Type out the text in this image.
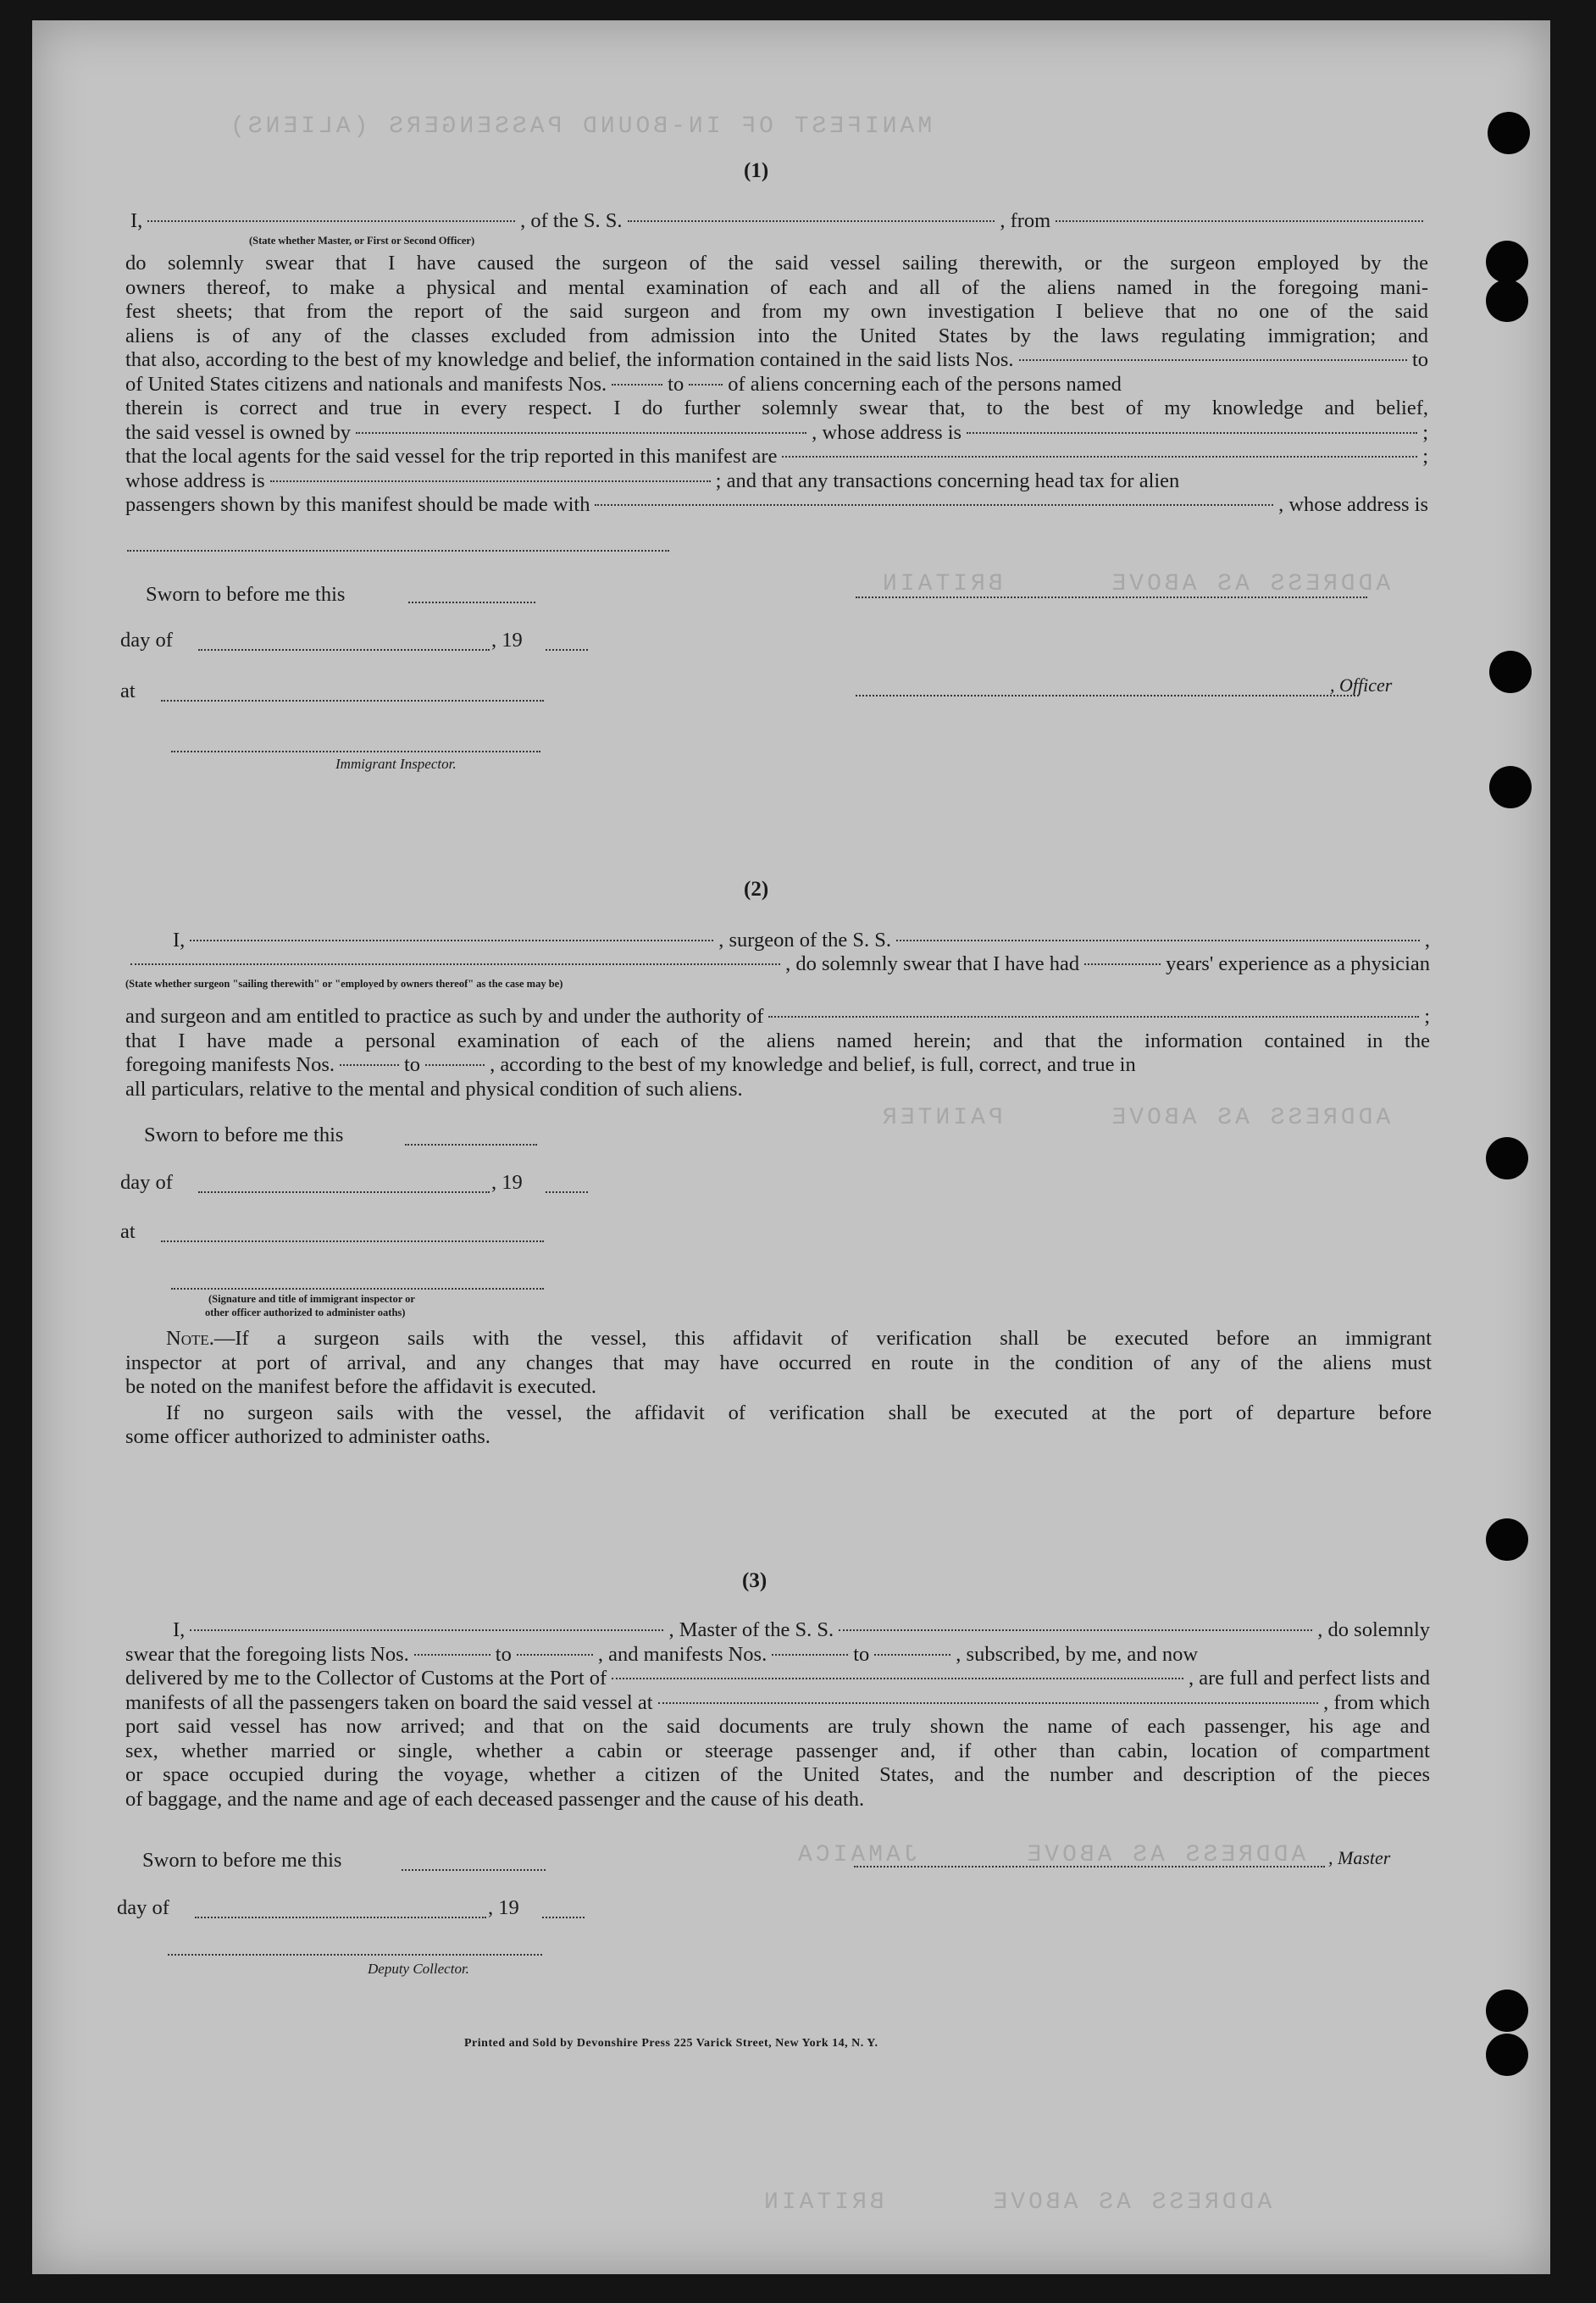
MANIFEST OF IN-BOUND PASSENGERS (ALIENS)
ADDRESS AS ABOVE      BRITAIN
ADDRESS AS ABOVE      PAINTER
ADDRESS AS ABOVE      JAMAICA
ADDRESS AS ABOVE      BRITAIN
(1)
I,	, of the S. S.	, from
(State whether Master, or First or Second Officer)
do solemnly swear that I have caused the surgeon of the said vessel sailing therewith, or the surgeon employed by the
owners thereof, to make a physical and mental examination of each and all of the aliens named in the foregoing mani-
fest sheets; that from the report of the said surgeon and from my own investigation I believe that no one of the said
aliens is of any of the classes excluded from admission into the United States by the laws regulating immigration; and
that also, according to the best of my knowledge and belief, the information contained in the said lists Nos.	to
of United States citizens and nationals and manifests Nos.	to of aliens concerning each of the persons named
therein is correct and true in every respect. I do further solemnly swear that, to the best of my knowledge and belief,
the said vessel is owned by	, whose address is	;
that the local agents for the said vessel for the trip reported in this manifest are	;
whose address is	; and that any transactions concerning head tax for alien
passengers shown by this manifest should be made with	, whose address is
Sworn to before me this
day of	, 19
at	, Officer
Immigrant Inspector.
(2)
I,	, surgeon of the S. S.	,
, do solemnly swear that I have had	years' experience as a physician
(State whether surgeon "sailing therewith" or "employed by owners thereof" as the case may be)
and surgeon and am entitled to practice as such by and under the authority of	;
that I have made a personal examination of each of the aliens named herein; and that the information contained in the
foregoing manifests Nos.	to	, according to the best of my knowledge and belief, is full, correct, and true in
all particulars, relative to the mental and physical condition of such aliens.
Sworn to before me this
day of	, 19
at
(Signature and title of immigrant inspector or
other officer authorized to administer oaths)
Note.—If a surgeon sails with the vessel, this affidavit of verification shall be executed before an immigrant
inspector at port of arrival, and any changes that may have occurred en route in the condition of any of the aliens must
be noted on the manifest before the affidavit is executed.
If no surgeon sails with the vessel, the affidavit of verification shall be executed at the port of departure before
some officer authorized to administer oaths.
(3)
I,	, Master of the S. S.	, do solemnly
swear that the foregoing lists Nos.	to	, and manifests Nos.	to	, subscribed, by me, and now
delivered by me to the Collector of Customs at the Port of	, are full and perfect lists and
manifests of all the passengers taken on board the said vessel at	, from which
port said vessel has now arrived; and that on the said documents are truly shown the name of each passenger, his age and
sex, whether married or single, whether a cabin or steerage passenger and, if other than cabin, location of compartment
or space occupied during the voyage, whether a citizen of the United States, and the number and description of the pieces
of baggage, and the name and age of each deceased passenger and the cause of his death.
Sworn to before me this	, Master
day of	, 19
Deputy Collector.
Printed and Sold by Devonshire Press 225 Varick Street, New York 14, N. Y.
